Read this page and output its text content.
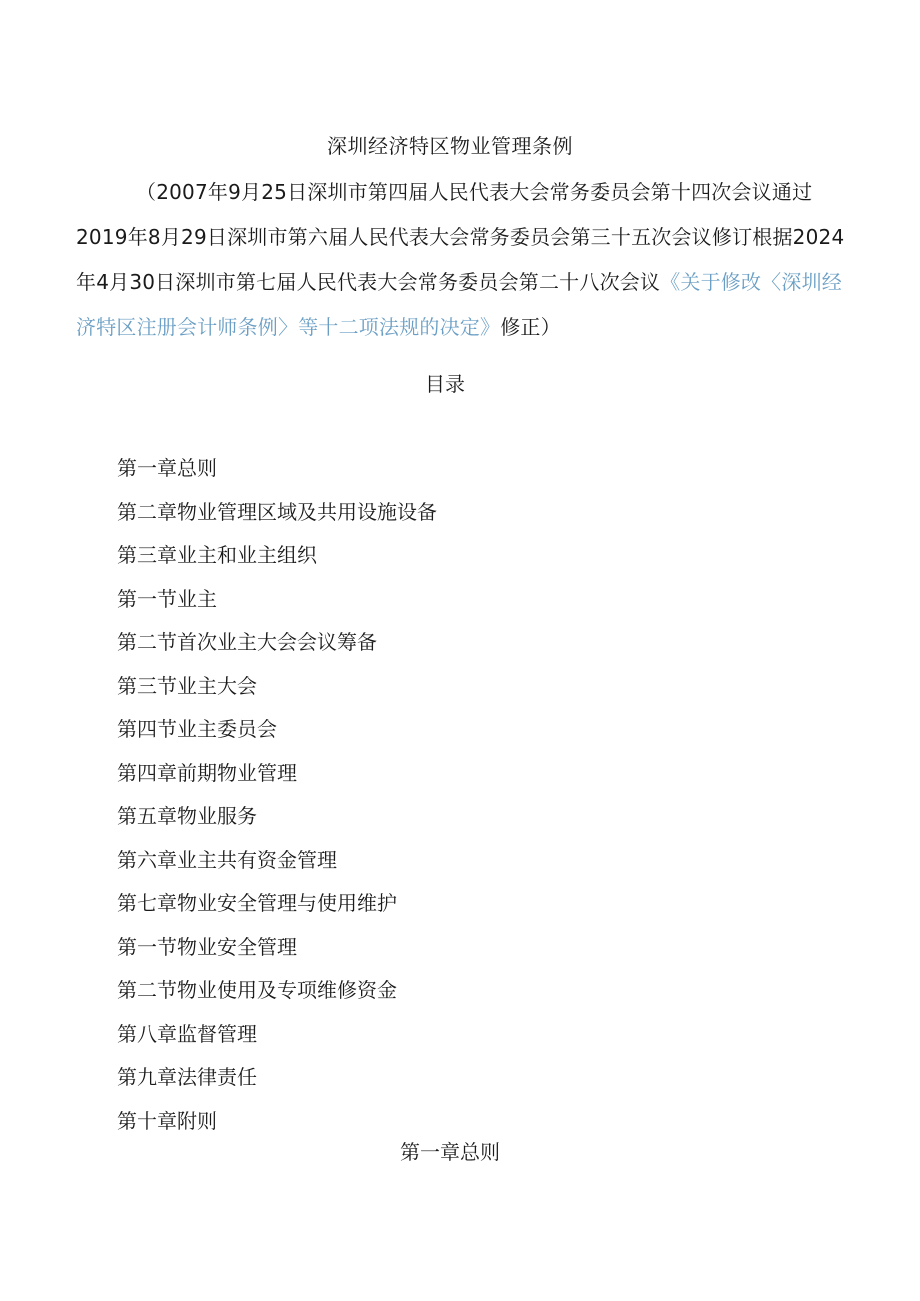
深圳经济特区物业管理条例
（2007年9月25日深圳市第四届人民代表大会常务委员会第十四次会议通过
2019年8月29日深圳市第六届人民代表大会常务委员会第三十五次会议修订根据2024
年4月30日深圳市第七届人民代表大会常务委员会第二十八次会议《关于修改〈深圳经
济特区注册会计师条例〉等十二项法规的决定》修正）
目录
第一章总则
第二章物业管理区域及共用设施设备
第三章业主和业主组织
第一节业主
第二节首次业主大会会议筹备
第三节业主大会
第四节业主委员会
第四章前期物业管理
第五章物业服务
第六章业主共有资金管理
第七章物业安全管理与使用维护
第一节物业安全管理
第二节物业使用及专项维修资金
第八章监督管理
第九章法律责任
第十章附则
第一章总则
